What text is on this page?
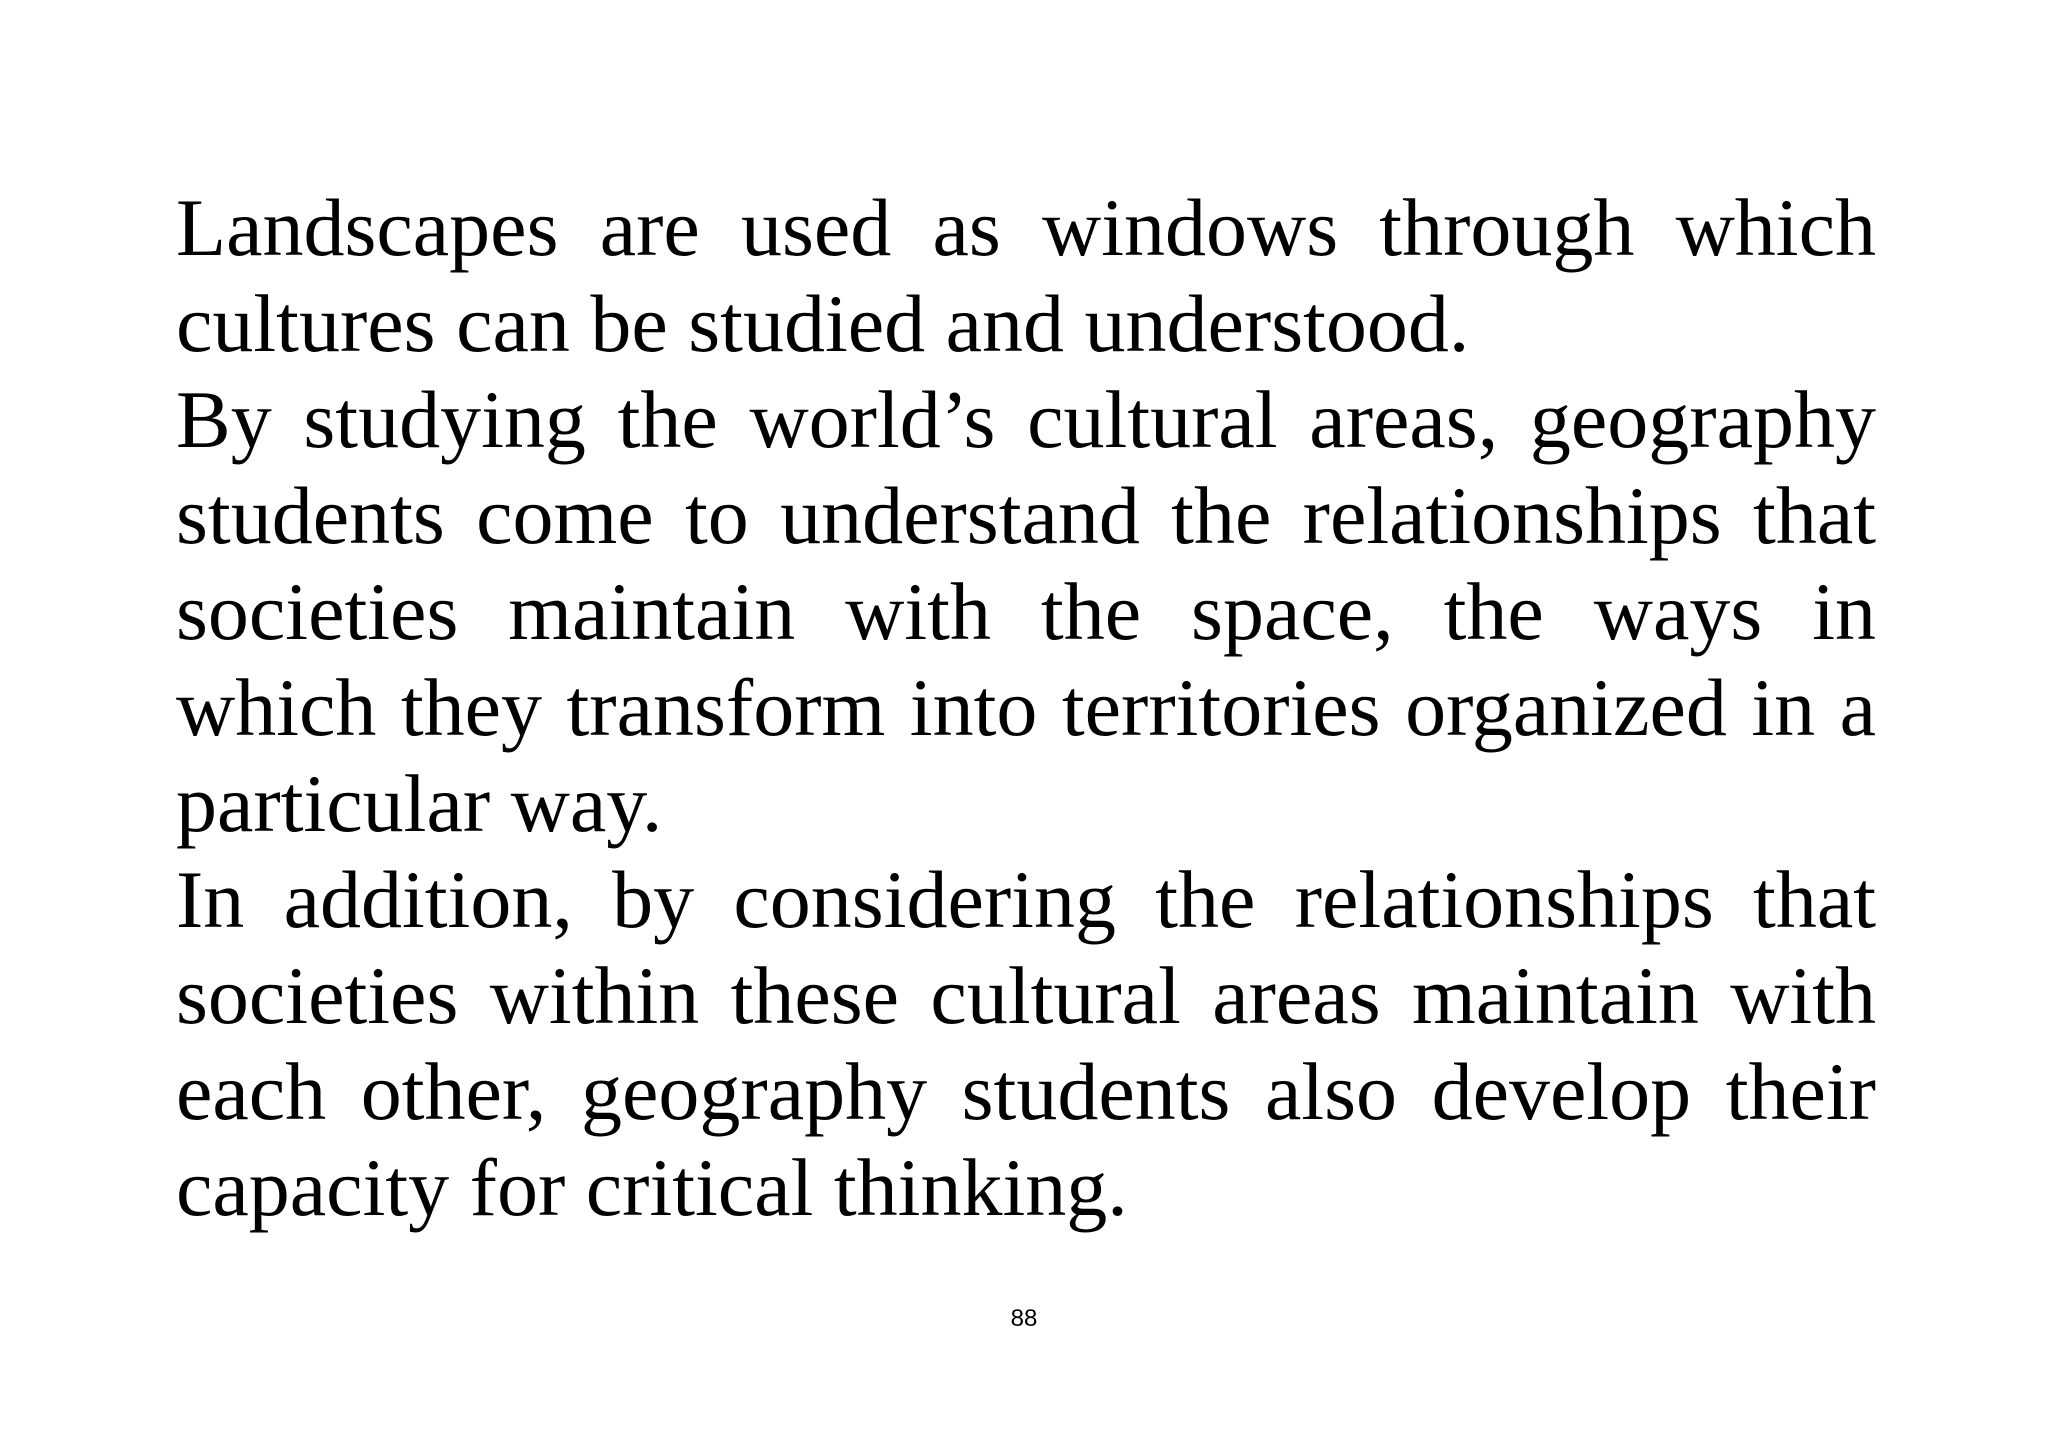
Landscapes are used as windows through which cultures can be studied and understood.

By studying the world’s cultural areas, geography students come to understand the relationships that societies maintain with the space, the ways in which they transform into territories organized in a particular way.

In addition, by considering the relationships that societies within these cultural areas maintain with each other, geography students also develop their capacity for critical thinking.

88
